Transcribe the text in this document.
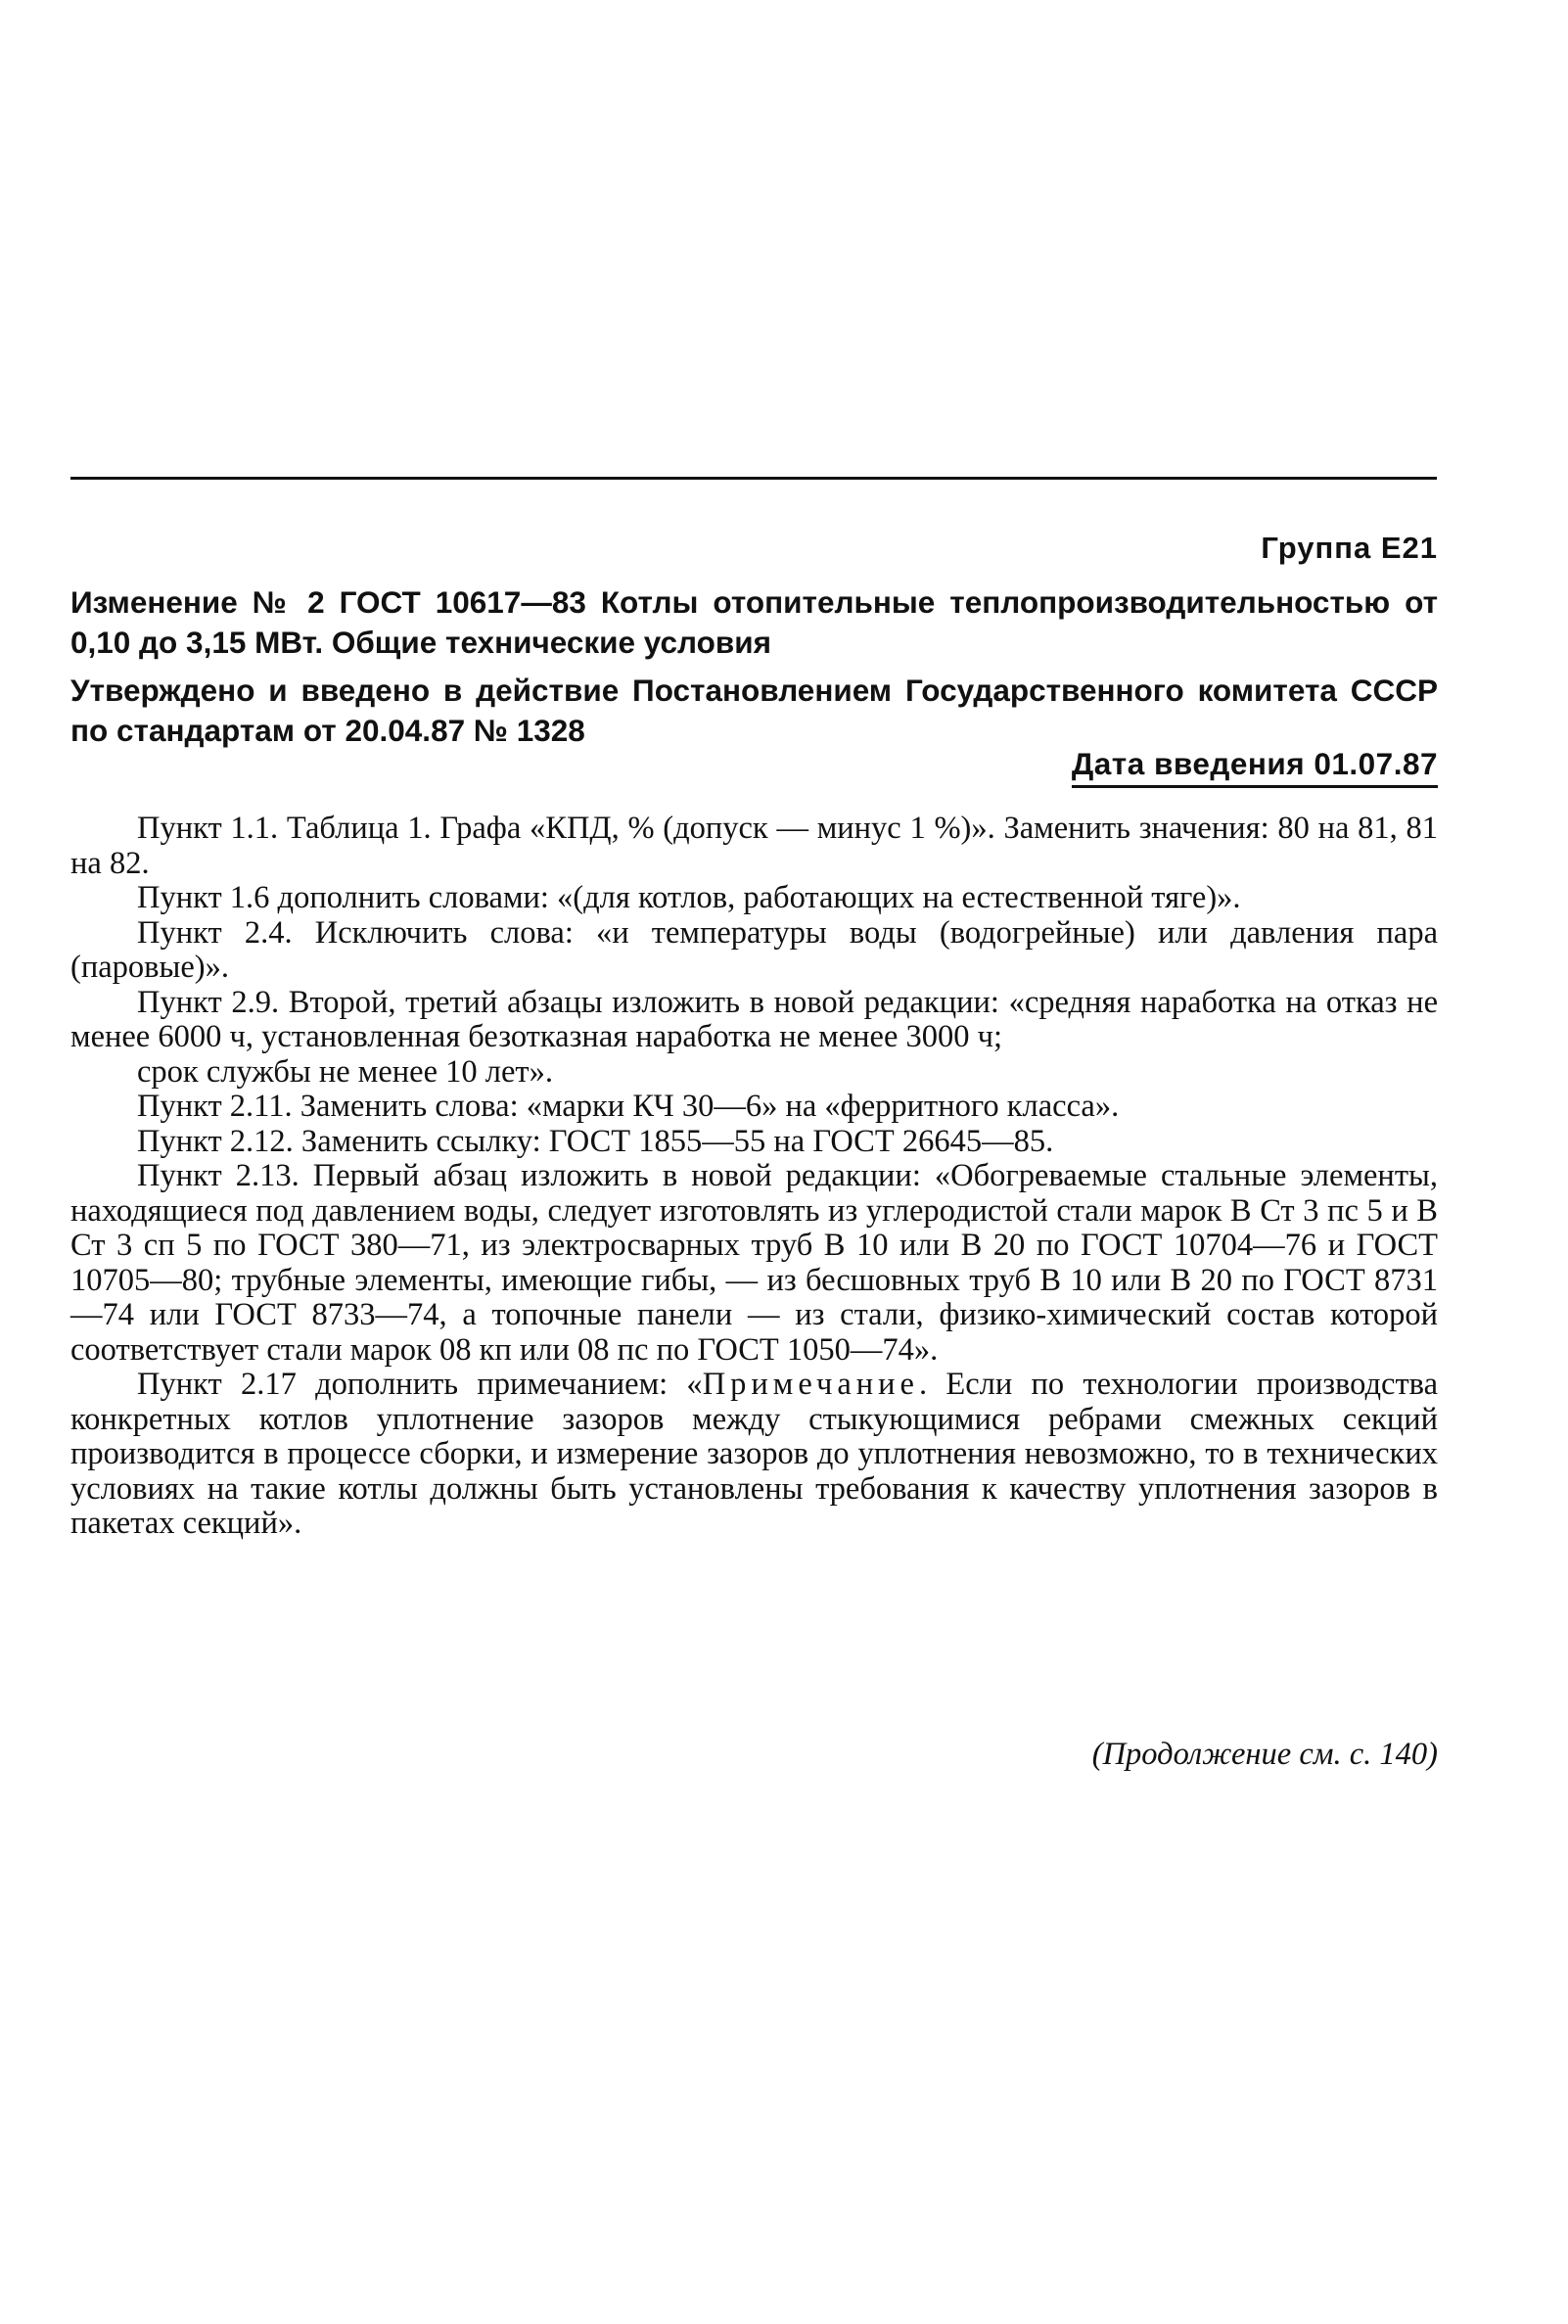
Группа Е21

Изменение № 2 ГОСТ 10617—83 Котлы отопительные теплопроизводительностью от 0,10 до 3,15 МВт. Общие технические условия

Утверждено и введено в действие Постановлением Государственного комитета СССР по стандартам от 20.04.87 № 1328

Дата введения 01.07.87

Пункт 1.1. Таблица 1. Графа «КПД, % (допуск — минус 1 %)». Заменить значения: 80 на 81, 81 на 82.

Пункт 1.6 дополнить словами: «(для котлов, работающих на естественной тяге)».

Пункт 2.4. Исключить слова: «и температуры воды (водогрейные) или давления пара (паровые)».

Пункт 2.9. Второй, третий абзацы изложить в новой редакции: «средняя наработка на отказ не менее 6000 ч, установленная безотказная наработка не менее 3000 ч;

срок службы не менее 10 лет».

Пункт 2.11. Заменить слова: «марки КЧ 30—6» на «ферритного класса».

Пункт 2.12. Заменить ссылку: ГОСТ 1855—55 на ГОСТ 26645—85.

Пункт 2.13. Первый абзац изложить в новой редакции: «Обогреваемые стальные элементы, находящиеся под давлением воды, следует изготовлять из углеродистой стали марок В Ст 3 пс 5 и В Ст 3 сп 5 по ГОСТ 380—71, из электросварных труб В 10 или В 20 по ГОСТ 10704—76 и ГОСТ 10705—80; трубные элементы, имеющие гибы, — из бесшовных труб В 10 или В 20 по ГОСТ 8731—74 или ГОСТ 8733—74, а топочные панели — из стали, физико-химический состав которой соответствует стали марок 08 кп или 08 пс по ГОСТ 1050—74».

Пункт 2.17 дополнить примечанием: «Примечание. Если по технологии производства конкретных котлов уплотнение зазоров между стыкующимися ребрами смежных секций производится в процессе сборки, и измерение зазоров до уплотнения невозможно, то в технических условиях на такие котлы должны быть установлены требования к качеству уплотнения зазоров в пакетах секций».

(Продолжение см. с. 140)
